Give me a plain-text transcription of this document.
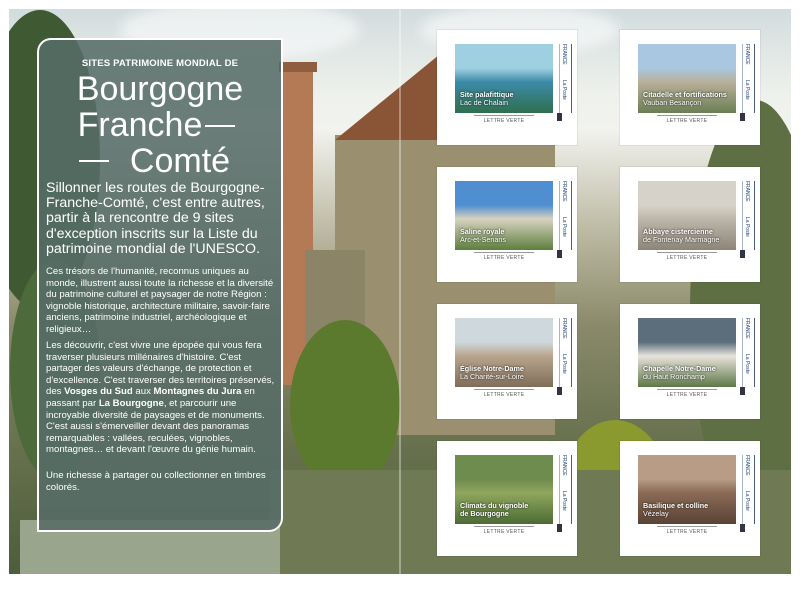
SITES PATRIMOINE MONDIAL DE
Bourgogne
Franche
Comté
Sillonner les routes de Bourgogne-Franche-Comté, c'est entre autres, partir à la rencontre de 9 sites d'exception inscrits sur la Liste du patrimoine mondial de l'UNESCO.
Ces trésors de l'humanité, reconnus uniques au monde, illustrent aussi toute la richesse et la diversité du patrimoine culturel et paysager de notre Région : vignoble historique, architecture militaire, savoir-faire anciens, patrimoine industriel, archéologique et religieux…
Les découvrir, c'est vivre une épopée qui vous fera traverser plusieurs millénaires d'histoire. C'est partager des valeurs d'échange, de protection et d'excellence. C'est traverser des territoires préservés, des Vosges du Sud aux Montagnes du Jura en passant par La Bourgogne, et parcourir une incroyable diversité de paysages et de monuments. C'est aussi s'émerveiller devant des panoramas remarquables : vallées, reculées, vignobles, montagnes… et devant l'œuvre du génie humain.
Une richesse à partager ou collectionner en timbres colorés.
Site palafittique
Lac de Chalain
FRANCE
La Poste
LETTRE VERTE
Citadelle et fortifications
Vauban Besançon
FRANCE
La Poste
LETTRE VERTE
Saline royale
Arc-et-Senans
FRANCE
La Poste
LETTRE VERTE
Abbaye cistercienne
de Fontenay Marmagne
FRANCE
La Poste
LETTRE VERTE
Église Notre-Dame
La Charité-sur-Loire
FRANCE
La Poste
LETTRE VERTE
Chapelle Notre-Dame
du Haut Ronchamp
FRANCE
La Poste
LETTRE VERTE
Climats du vignoble
de Bourgogne
FRANCE
La Poste
LETTRE VERTE
Basilique et colline
Vézelay
FRANCE
La Poste
LETTRE VERTE
